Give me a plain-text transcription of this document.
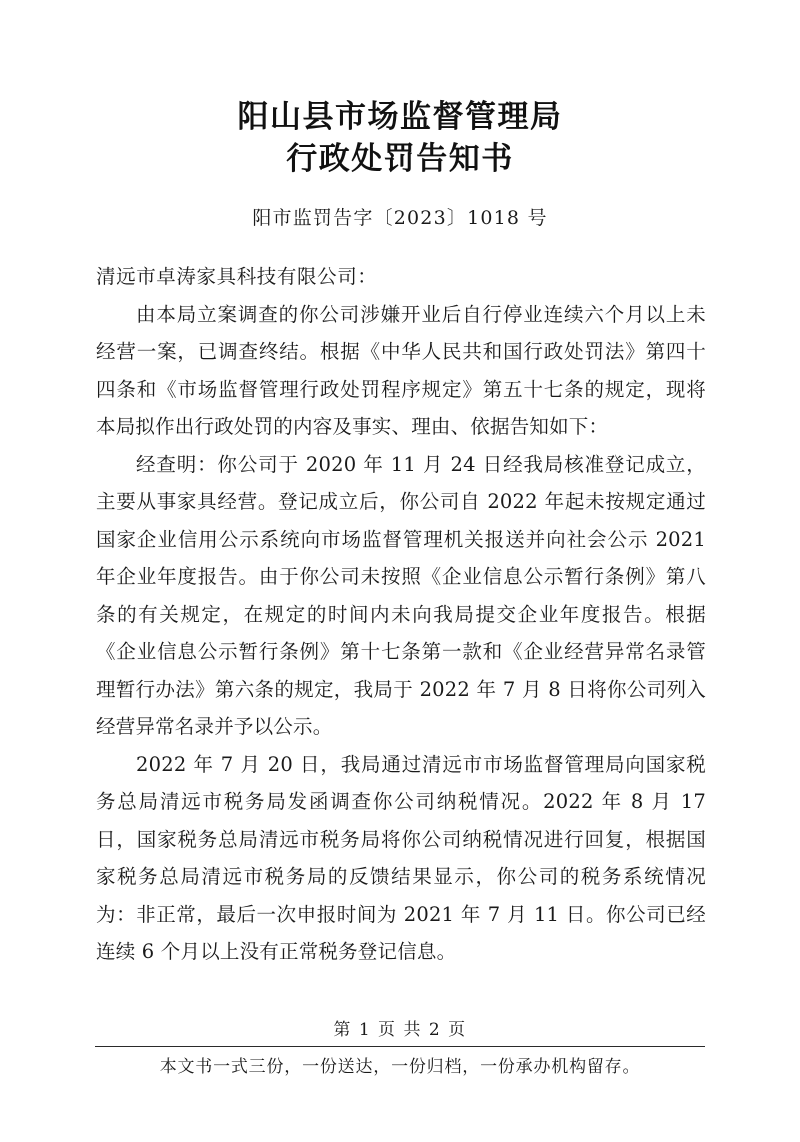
阳山县市场监督管理局
行政处罚告知书
阳市监罚告字〔2023〕1018 号
清远市卓涛家具科技有限公司：

由本局立案调查的你公司涉嫌开业后自行停业连续六个月以上未经营一案，已调查终结。根据《中华人民共和国行政处罚法》第四十四条和《市场监督管理行政处罚程序规定》第五十七条的规定，现将本局拟作出行政处罚的内容及事实、理由、依据告知如下：

经查明：你公司于 2020 年 11 月 24 日经我局核准登记成立，主要从事家具经营。登记成立后，你公司自 2022 年起未按规定通过国家企业信用公示系统向市场监督管理机关报送并向社会公示 2021 年企业年度报告。由于你公司未按照《企业信息公示暂行条例》第八条的有关规定，在规定的时间内未向我局提交企业年度报告。根据《企业信息公示暂行条例》第十七条第一款和《企业经营异常名录管理暂行办法》第六条的规定，我局于 2022 年 7 月 8 日将你公司列入经营异常名录并予以公示。

2022 年 7 月 20 日，我局通过清远市市场监督管理局向国家税务总局清远市税务局发函调查你公司纳税情况。2022 年 8 月 17 日，国家税务总局清远市税务局将你公司纳税情况进行回复，根据国家税务总局清远市税务局的反馈结果显示，你公司的税务系统情况为：非正常，最后一次申报时间为 2021 年 7 月 11 日。你公司已经连续 6 个月以上没有正常税务登记信息。

第 1 页 共 2 页
本文书一式三份，一份送达，一份归档，一份承办机构留存。
